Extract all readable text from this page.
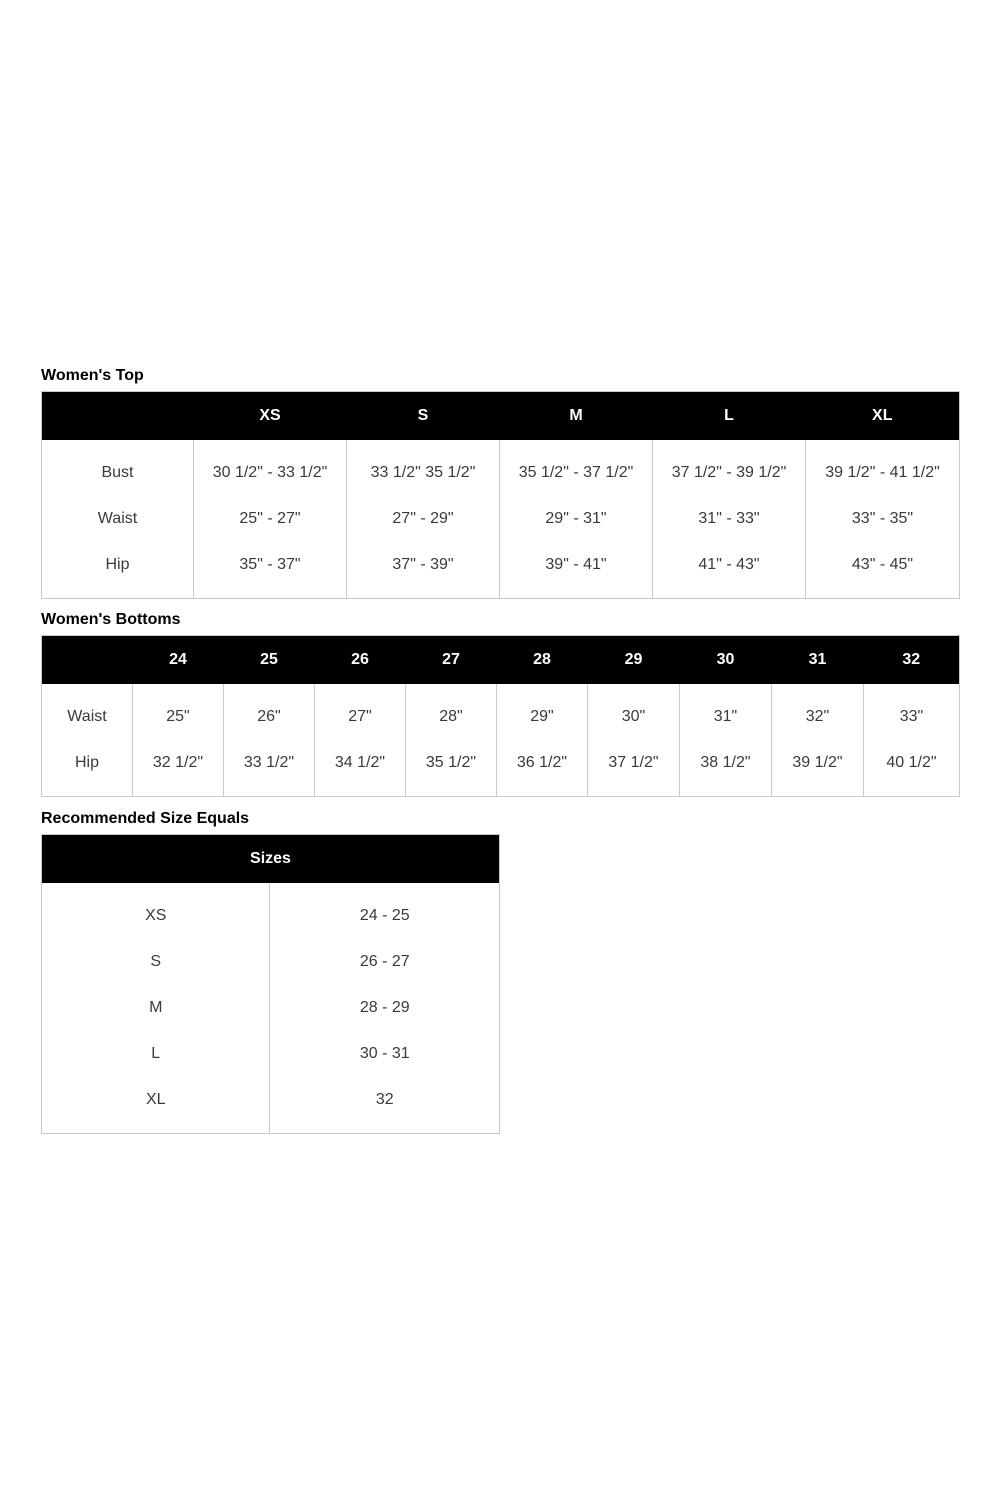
Women's Top
	XS	S	M	L	XL
Bust	30 1/2" - 33 1/2"	33 1/2" 35 1/2"	35 1/2" - 37 1/2"	37 1/2" - 39 1/2"	39 1/2" - 41 1/2"
Waist	25" - 27"	27" - 29"	29" - 31"	31" - 33"	33" - 35"
Hip	35" - 37"	37" - 39"	39" - 41"	41" - 43"	43" - 45"
Women's Bottoms
	24	25	26	27	28	29	30	31	32
Waist	25"	26"	27"	28"	29"	30"	31"	32"	33"
Hip	32 1/2"	33 1/2"	34 1/2"	35 1/2"	36 1/2"	37 1/2"	38 1/2"	39 1/2"	40 1/2"
Recommended Size Equals
Sizes	
XS	24 - 25
S	26 - 27
M	28 - 29
L	30 - 31
XL	32
